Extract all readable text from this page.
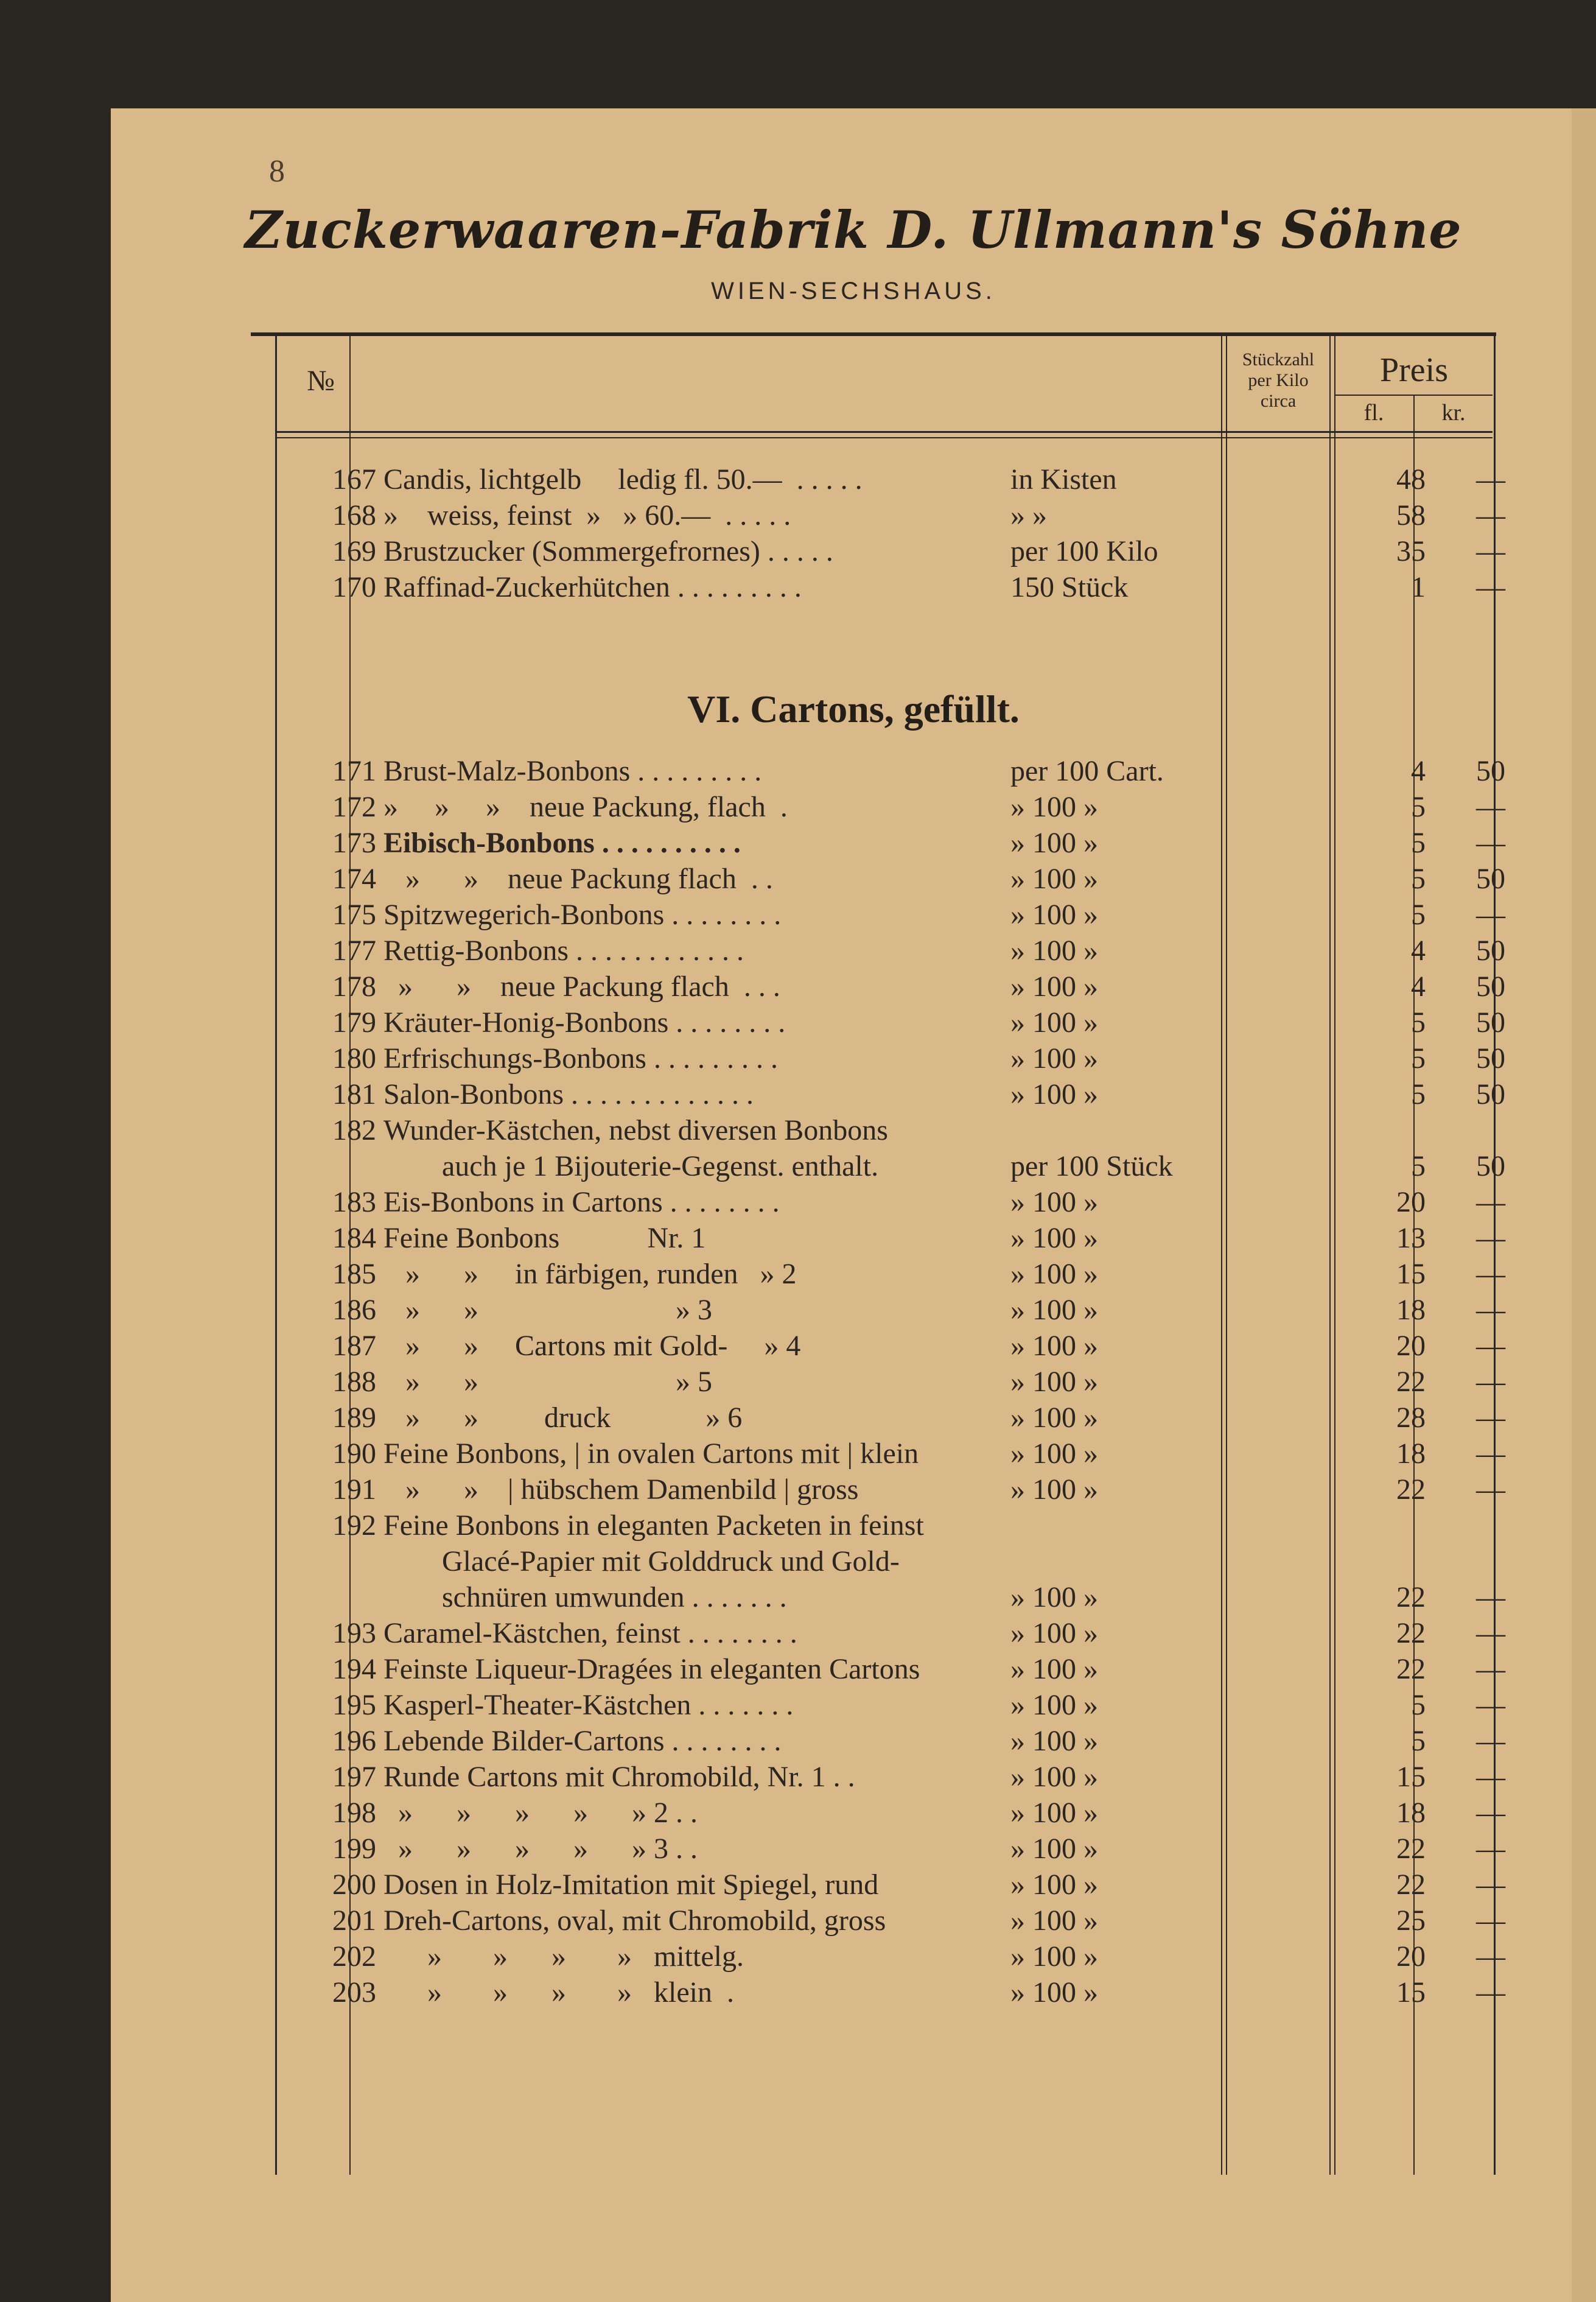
8
Zuckerwaaren-Fabrik D. Ullmann's Söhne
WIEN-SECHSHAUS.
№
Stückzahl per Kilo circa
Preis
fl.	kr.
VI. Cartons, gefüllt.
167 Candis, lichtgelb     ledig fl. 50.—  . . . . .	in Kisten	48	—
168 »    weiss, feinst  »   » 60.—  . . . . .	» »	58	—
169 Brustzucker (Sommergefrornes) . . . . .	per 100 Kilo	35	—
170 Raffinad-Zuckerhütchen . . . . . . . . .	150 Stück	1	—
171 Brust-Malz-Bonbons . . . . . . . . .	per 100 Cart.	4	50
172 »     »     »    neue Packung, flach  .	» 100 »	5	—
173 Eibisch-Bonbons . . . . . . . . . .	» 100 »	5	—
174 »      »    neue Packung flach  . .	» 100 »	5	50
175 Spitzwegerich-Bonbons . . . . . . . .	» 100 »	5	—
177 Rettig-Bonbons . . . . . . . . . . . .	» 100 »	4	50
178 »      »    neue Packung flach  . . .	» 100 »	4	50
179 Kräuter-Honig-Bonbons . . . . . . . .	» 100 »	5	50
180 Erfrischungs-Bonbons . . . . . . . . .	» 100 »	5	50
181 Salon-Bonbons . . . . . . . . . . . . .	» 100 »	5	50
182 Wunder-Kästchen, nebst diversen Bonbons
auch je 1 Bijouterie-Gegenst. enthalt.	per 100 Stück	5	50
183 Eis-Bonbons in Cartons . . . . . . . .	» 100 »	20	—
184 Feine Bonbons            Nr. 1	» 100 »	13	—
185 »      »     in färbigen, runden   » 2	» 100 »	15	—
186 »      »                           » 3	» 100 »	18	—
187 »      »     Cartons mit Gold-     » 4	» 100 »	20	—
188 »      »                           » 5	» 100 »	22	—
189 »      »         druck             » 6	» 100 »	28	—
190 Feine Bonbons, | in ovalen Cartons mit | klein	» 100 »	18	—
191 »      »    | hübschem Damenbild | gross	» 100 »	22	—
192 Feine Bonbons in eleganten Packeten in feinst
Glacé-Papier mit Golddruck und Gold-
schnüren umwunden . . . . . . .	» 100 »	22	—
193 Caramel-Kästchen, feinst . . . . . . . .	» 100 »	22	—
194 Feinste Liqueur-Dragées in eleganten Cartons	» 100 »	22	—
195 Kasperl-Theater-Kästchen . . . . . . .	» 100 »	5	—
196 Lebende Bilder-Cartons . . . . . . . .	» 100 »	5	—
197 Runde Cartons mit Chromobild, Nr. 1 . .	» 100 »	15	—
198 »      »      »      »      » 2 . .	» 100 »	18	—
199 »      »      »      »      » 3 . .	» 100 »	22	—
200 Dosen in Holz-Imitation mit Spiegel, rund	» 100 »	22	—
201 Dreh-Cartons, oval, mit Chromobild, gross	» 100 »	25	—
202 »       »      »       »   mittelg.	» 100 »	20	—
203 »       »      »       »   klein  .	» 100 »	15	—
